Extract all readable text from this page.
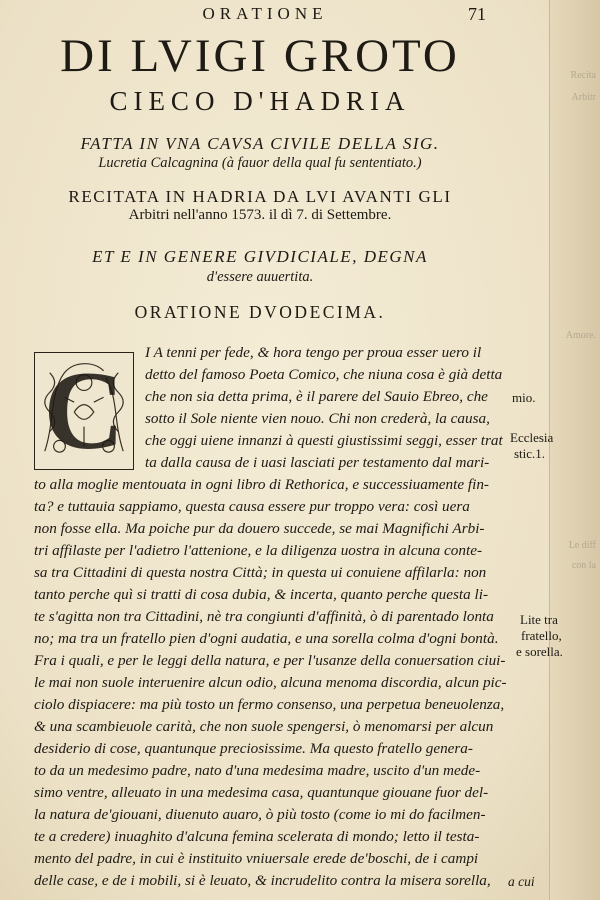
Recita
Arbitr
Amore.
Le diff
con la
ORATIONE	71
DI LVIGI GROTO
CIECO D'HADRIA
FATTA IN VNA CAVSA CIVILE DELLA SIG.
Lucretia Calcagnina (à fauor della qual fu sententiato.)
RECITATA IN HADRIA DA LVI AVANTI GLI
Arbitri nell'anno 1573. il dì 7. di Settembre.
ET E IN GENERE GIVDICIALE, DEGNA
d'essere auuertita.
ORATIONE DVODECIMA.
C	I A tenni per fede, & hora tengo per proua esser uero il
detto del famoso Poeta Comico, che niuna cosa è già detta
che non sia detta prima, è il parere del Sauio Ebreo, che
sotto il Sole niente vien nouo. Chi non crederà, la causa,
che oggi uiene innanzi à questi giustissimi seggi, esser trat
ta dalla causa de i uasi lasciati per testamento dal mari-
to alla moglie mentouata in ogni libro di Rethorica, e successiuamente fin-
ta? e tuttauia sappiamo, questa causa essere pur troppo vera: così uera
non fosse ella. Ma poiche pur da douero succede, se mai Magnifichi Arbi-
tri affilaste per l'adietro l'attenione, e la diligenza uostra in alcuna conte-
sa tra Cittadini di questa nostra Città; in questa ui conuiene affilarla: non
tanto perche quì si tratti di cosa dubia, & incerta, quanto perche questa li-
te s'agitta non tra Cittadini, nè tra congiunti d'affinità, ò di parentado lonta
no; ma tra un fratello pien d'ogni audatia, e una sorella colma d'ogni bontà.
Fra i quali, e per le leggi della natura, e per l'usanze della conuersation ciui-
le mai non suole interuenire alcun odio, alcuna menoma discordia, alcun pic-
ciolo dispiacere: ma più tosto un fermo consenso, una perpetua beneuolenza,
& una scambieuole carità, che non suole spengersi, ò menomarsi per alcun
desiderio di cose, quantunque preciosissime. Ma questo fratello genera-
to da un medesimo padre, nato d'una medesima madre, uscito d'un mede-
simo ventre, alleuato in una medesima casa, quantunque giouane fuor del-
la natura de'giouani, diuenuto auaro, ò più tosto (come io mi do facilmen-
te a credere) inuaghito d'alcuna femina scelerata di mondo; letto il testa-
mento del padre, in cui è instituito vniuersale erede de'boschi, de i campi
delle case, e de i mobili, si è leuato, & incrudelito contra la misera sorella,
mio.
Ecclesia
stic.1.
Lite tra
fratello,
e sorella.
a cui
